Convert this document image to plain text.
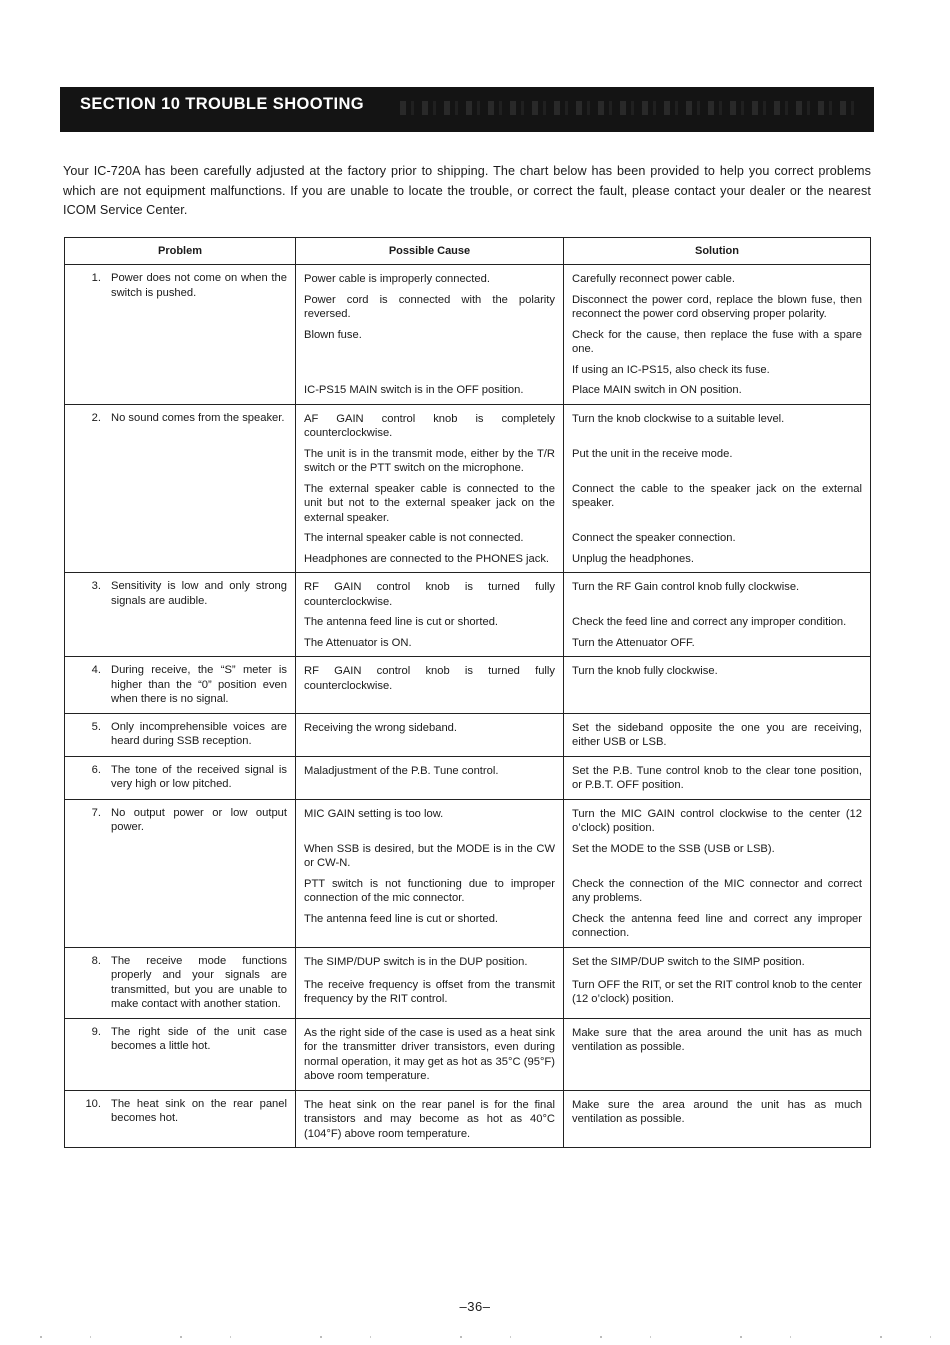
SECTION 10 TROUBLE SHOOTING
Your IC-720A has been carefully adjusted at the factory prior to shipping. The chart below has been provided to help you correct problems which are not equipment malfunctions. If you are unable to locate the trouble, or correct the fault, please contact your dealer or the nearest ICOM Service Center.
Problem	Possible Cause	Solution

1. Power does not come on when the switch is pushed.	Power cable is improperly connected.	Carefully reconnect power cable.
	Power cord is connected with the polarity reversed.	Disconnect the power cord, replace the blown fuse, then reconnect the power cord observing proper polarity.
	Blown fuse.	Check for the cause, then replace the fuse with a spare one.
		If using an IC-PS15, also check its fuse.
	IC-PS15 MAIN switch is in the OFF position.	Place MAIN switch in ON position.

2. No sound comes from the speaker.	AF GAIN control knob is completely counterclockwise.	Turn the knob clockwise to a suitable level.
	The unit is in the transmit mode, either by the T/R switch or the PTT switch on the microphone.	Put the unit in the receive mode.
	The external speaker cable is connected to the unit but not to the external speaker jack on the external speaker.	Connect the cable to the speaker jack on the external speaker.
	The internal speaker cable is not connected.	Connect the speaker connection.
	Headphones are connected to the PHONES jack.	Unplug the headphones.

3. Sensitivity is low and only strong signals are audible.	RF GAIN control knob is turned fully counterclockwise.	Turn the RF Gain control knob fully clockwise.
	The antenna feed line is cut or shorted.	Check the feed line and correct any improper condition.
	The Attenuator is ON.	Turn the Attenuator OFF.

4. During receive, the “S” meter is higher than the “0” position even when there is no signal.	RF GAIN control knob is turned fully counterclockwise.	Turn the knob fully clockwise.

5. Only incomprehensible voices are heard during SSB reception.	Receiving the wrong sideband.	Set the sideband opposite the one you are receiving, either USB or LSB.

6. The tone of the received signal is very high or low pitched.	Maladjustment of the P.B. Tune control.	Set the P.B. Tune control knob to the clear tone position, or P.B.T. OFF position.

7. No output power or low output power.	MIC GAIN setting is too low.	Turn the MIC GAIN control clockwise to the center (12 o’clock) position.
	When SSB is desired, but the MODE is in the CW or CW-N.	Set the MODE to the SSB (USB or LSB).
	PTT switch is not functioning due to improper connection of the mic connector.	Check the connection of the MIC connector and correct any problems.
	The antenna feed line is cut or shorted.	Check the antenna feed line and correct any improper connection.

8. The receive mode functions properly and your signals are transmitted, but you are unable to make contact with another station.	The SIMP/DUP switch is in the DUP position.	Set the SIMP/DUP switch to the SIMP position.
	The receive frequency is offset from the transmit frequency by the RIT control.	Turn OFF the RIT, or set the RIT control knob to the center (12 o’clock) position.

9. The right side of the unit case becomes a little hot.	As the right side of the case is used as a heat sink for the transmitter driver transistors, even during normal operation, it may get as hot as 35°C (95°F) above room temperature.	Make sure that the area around the unit has as much ventilation as possible.

10. The heat sink on the rear panel becomes hot.	The heat sink on the rear panel is for the final transistors and may become as hot as 40°C (104°F) above room temperature.	Make sure the area around the unit has as much ventilation as possible.
–36–
